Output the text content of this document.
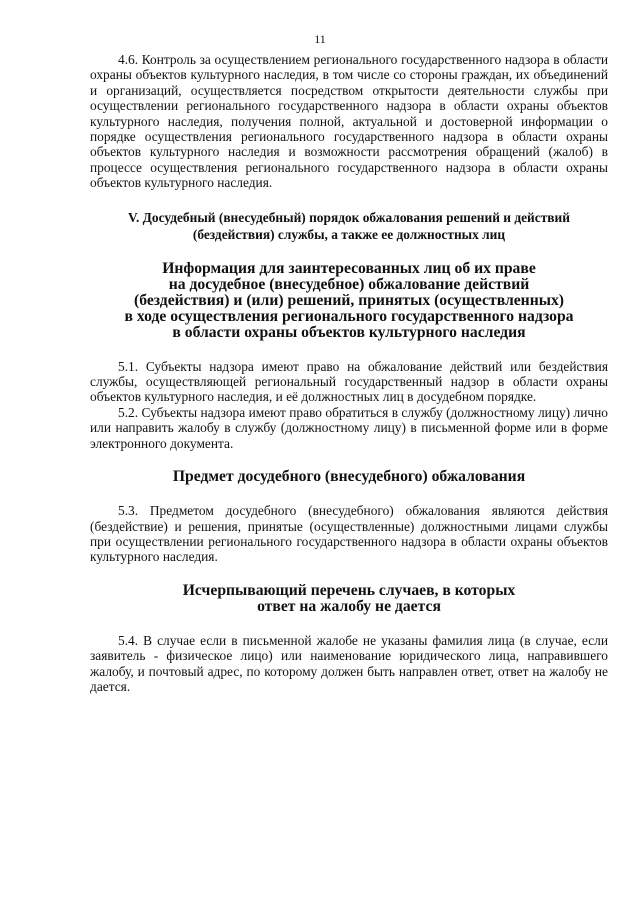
11

4.6. Контроль за осуществлением регионального государственного надзора в области охраны объектов культурного наследия, в том числе со стороны граждан, их объединений и организаций, осуществляется посредством открытости деятельности службы при осуществлении регионального государственного надзора в области охраны объектов культурного наследия, получения полной, актуальной и достоверной информации о порядке осуществления регионального государственного надзора в области охраны объектов культурного наследия и возможности рассмотрения обращений (жалоб) в процессе осуществления регионального государственного надзора в области охраны объектов культурного наследия.

V. Досудебный (внесудебный) порядок обжалования решений и действий
(бездействия) службы, а также ее должностных лиц
Информация для заинтересованных лиц об их праве
на досудебное (внесудебное) обжалование действий
(бездействия) и (или) решений, принятых (осуществленных)
в ходе осуществления регионального государственного надзора
в области охраны объектов культурного наследия

5.1. Субъекты надзора имеют право на обжалование действий или бездействия службы, осуществляющей региональный государственный надзор в области охраны объектов культурного наследия, и её должностных лиц в досудебном порядке.

5.2. Субъекты надзора имеют право обратиться в службу (должностному лицу) лично или направить жалобу в службу (должностному лицу) в письменной форме или в форме электронного документа.

Предмет досудебного (внесудебного) обжалования

5.3. Предметом досудебного (внесудебного) обжалования являются действия (бездействие) и решения, принятые (осуществленные) должностными лицами службы при осуществлении регионального государственного надзора в области охраны объектов культурного наследия.

Исчерпывающий перечень случаев, в которых
ответ на жалобу не дается

5.4. В случае если в письменной жалобе не указаны фамилия лица (в случае, если заявитель - физическое лицо) или наименование юридического лица, направившего жалобу, и почтовый адрес, по которому должен быть направлен ответ, ответ на жалобу не дается.
